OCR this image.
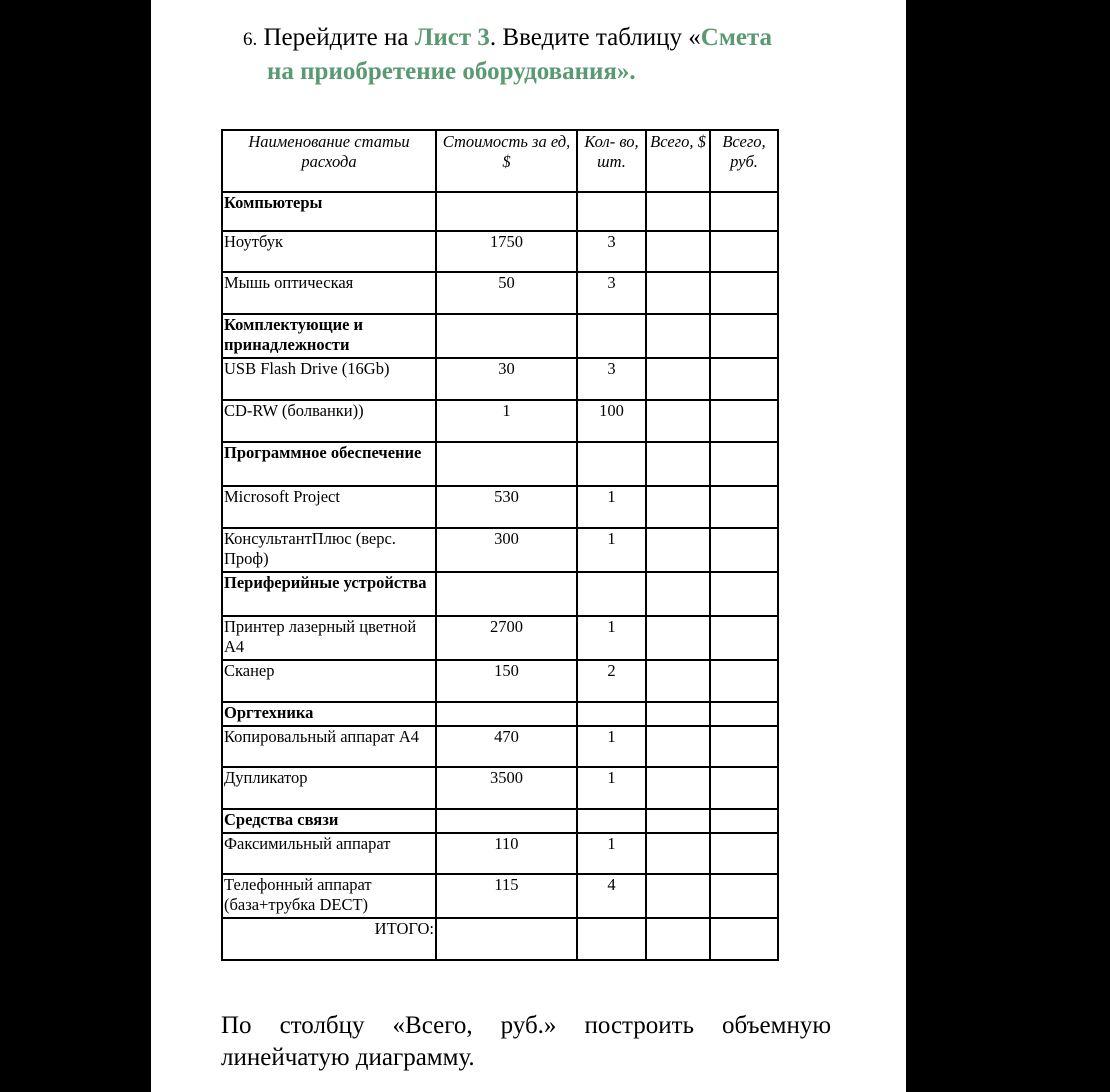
6. Перейдите на Лист 3. Введите таблицу «Смета
на приобретение оборудования».
Наименование статьи расхода	Стоимость за ед, $	Кол- во, шт.	Всего, $	Всего, руб.
Компьютеры				
Ноутбук	1750	3		
Мышь оптическая	50	3		
Комплектующие и принадлежности				
USB Flash Drive (16Gb)	30	3		
CD-RW (болванки))	1	100		
Программное обеспечение				
Microsoft Project	530	1		
КонсультантПлюс (верс. Проф)	300	1		
Периферийные устройства				
Принтер лазерный цветной А4	2700	1		
Сканер	150	2		
Оргтехника				
Копировальный аппарат А4	470	1		
Дупликатор	3500	1		
Средства связи				
Факсимильный аппарат	110	1		
Телефонный аппарат (база+трубка DECT)	115	4		
ИТОГО:				
По столбцу «Всего, руб.» построить объемную линейчатую диаграмму.
